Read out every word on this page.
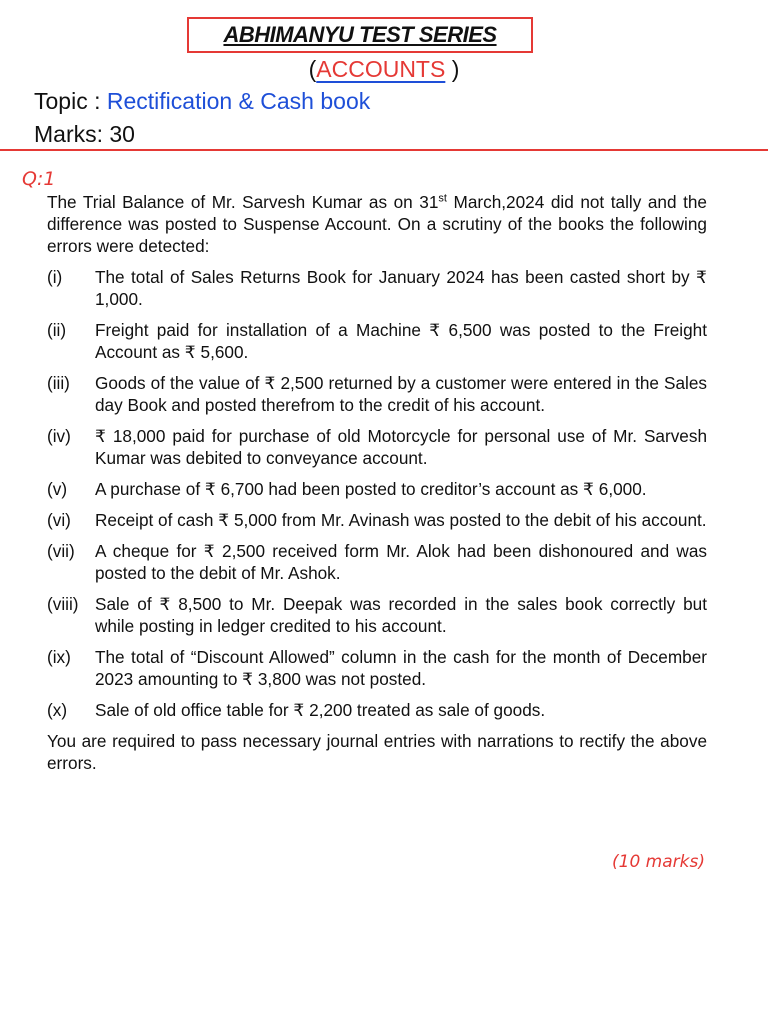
ABHIMANYU TEST SERIES
(ACCOUNTS )
Topic : Rectification & Cash book
Marks: 30
Q:1

The Trial Balance of Mr. Sarvesh Kumar as on 31st March,2024 did not tally and the difference was posted to Suspense Account. On a scrutiny of the books the following errors were detected:

(i)	The total of Sales Returns Book for January 2024 has been casted short by ₹ 1,000.
(ii)	Freight paid for installation of a Machine ₹ 6,500 was posted to the Freight Account as ₹ 5,600.
(iii)	Goods of the value of ₹ 2,500 returned by a customer were entered in the Sales day Book and posted therefrom to the credit of his account.
(iv)	₹ 18,000 paid for purchase of old Motorcycle for personal use of Mr. Sarvesh Kumar was debited to conveyance account.
(v)	A purchase of ₹ 6,700 had been posted to creditor’s account as ₹ 6,000.
(vi)	Receipt of cash ₹ 5,000 from Mr. Avinash was posted to the debit of his account.
(vii)	A cheque for ₹ 2,500 received form Mr. Alok had been dishonoured and was posted to the debit of Mr. Ashok.
(viii) Sale of ₹ 8,500 to Mr. Deepak was recorded in the sales book correctly but while posting in ledger credited to his account.
(ix)	The total of “Discount Allowed” column in the cash for the month of December 2023 amounting to ₹ 3,800 was not posted.
(x)	Sale of old office table for ₹ 2,200 treated as sale of goods.

You are required to pass necessary journal entries with narrations to rectify the above errors.

(10 marks)
